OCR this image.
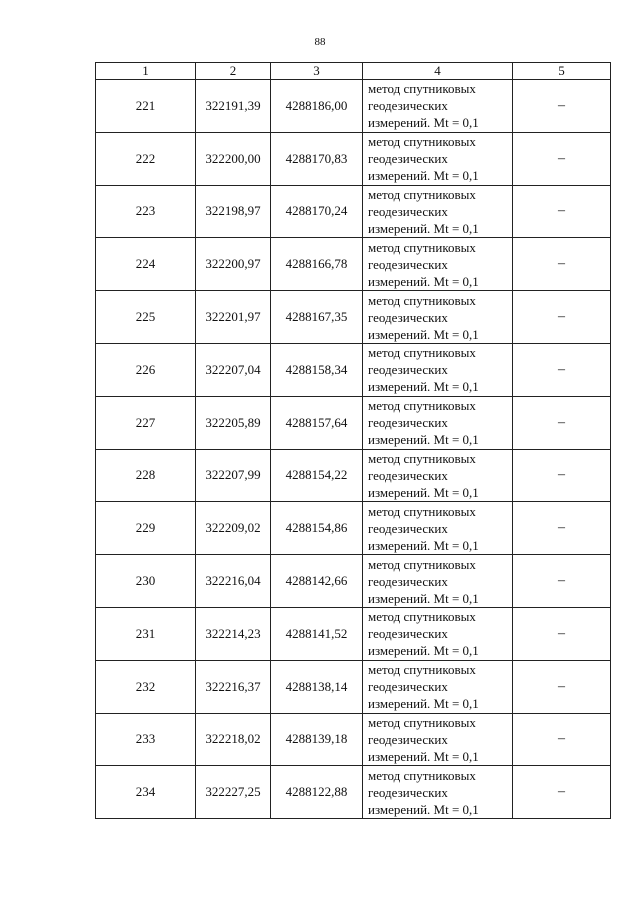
88
1	2	3	4	5
221	322191,39	4288186,00	метод спутниковых
геодезических
измерений. Mt = 0,1	–
222	322200,00	4288170,83	метод спутниковых
геодезических
измерений. Mt = 0,1	–
223	322198,97	4288170,24	метод спутниковых
геодезических
измерений. Mt = 0,1	–
224	322200,97	4288166,78	метод спутниковых
геодезических
измерений. Mt = 0,1	–
225	322201,97	4288167,35	метод спутниковых
геодезических
измерений. Mt = 0,1	–
226	322207,04	4288158,34	метод спутниковых
геодезических
измерений. Mt = 0,1	–
227	322205,89	4288157,64	метод спутниковых
геодезических
измерений. Mt = 0,1	–
228	322207,99	4288154,22	метод спутниковых
геодезических
измерений. Mt = 0,1	–
229	322209,02	4288154,86	метод спутниковых
геодезических
измерений. Mt = 0,1	–
230	322216,04	4288142,66	метод спутниковых
геодезических
измерений. Mt = 0,1	–
231	322214,23	4288141,52	метод спутниковых
геодезических
измерений. Mt = 0,1	–
232	322216,37	4288138,14	метод спутниковых
геодезических
измерений. Mt = 0,1	–
233	322218,02	4288139,18	метод спутниковых
геодезических
измерений. Mt = 0,1	–
234	322227,25	4288122,88	метод спутниковых
геодезических
измерений. Mt = 0,1	–
